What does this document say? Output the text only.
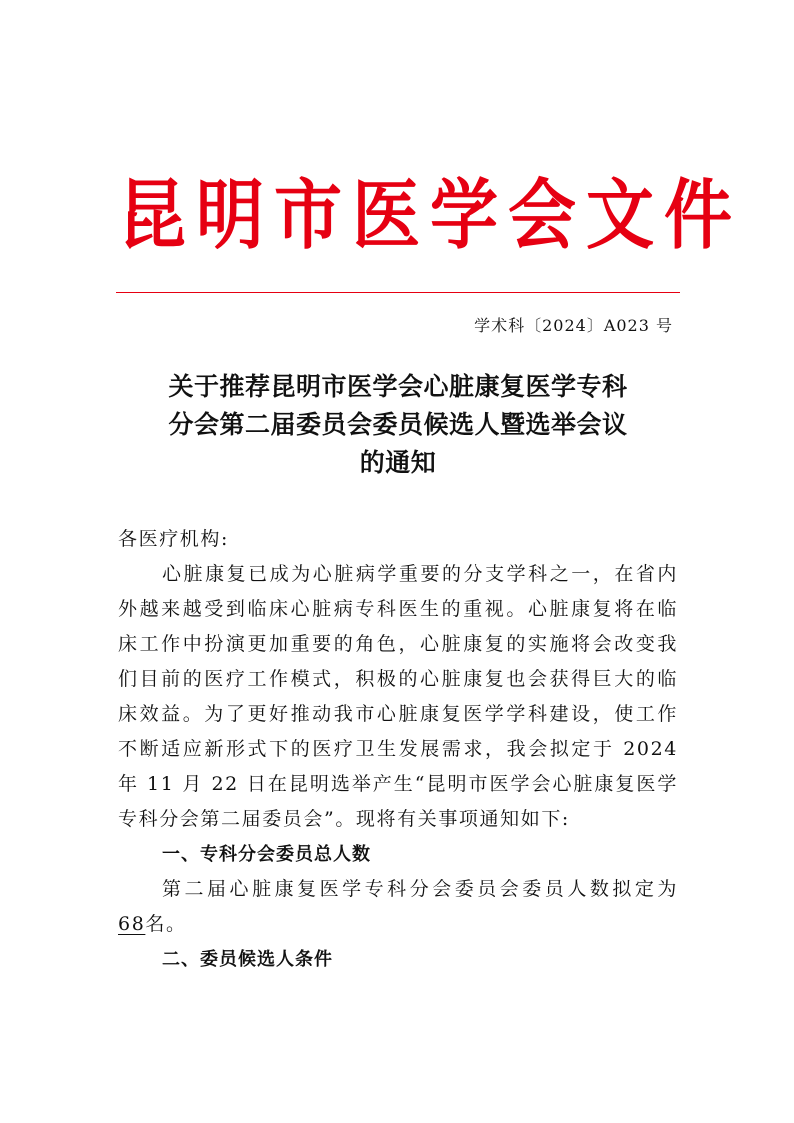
昆明市医学会文件
学术科〔2024〕A023 号
关于推荐昆明市医学会心脏康复医学专科
分会第二届委员会委员候选人暨选举会议
的通知
各医疗机构:
心脏康复已成为心脏病学重要的分支学科之一，在省内
外越来越受到临床心脏病专科医生的重视。心脏康复将在临
床工作中扮演更加重要的角色，心脏康复的实施将会改变我
们目前的医疗工作模式，积极的心脏康复也会获得巨大的临
床效益。为了更好推动我市心脏康复医学学科建设，使工作
不断适应新形式下的医疗卫生发展需求，我会拟定于 2024
年 11 月 22 日在昆明选举产生“昆明市医学会心脏康复医学
专科分会第二届委员会”。现将有关事项通知如下:
一、专科分会委员总人数
第二届心脏康复医学专科分会委员会委员人数拟定为
68名。
二、委员候选人条件
